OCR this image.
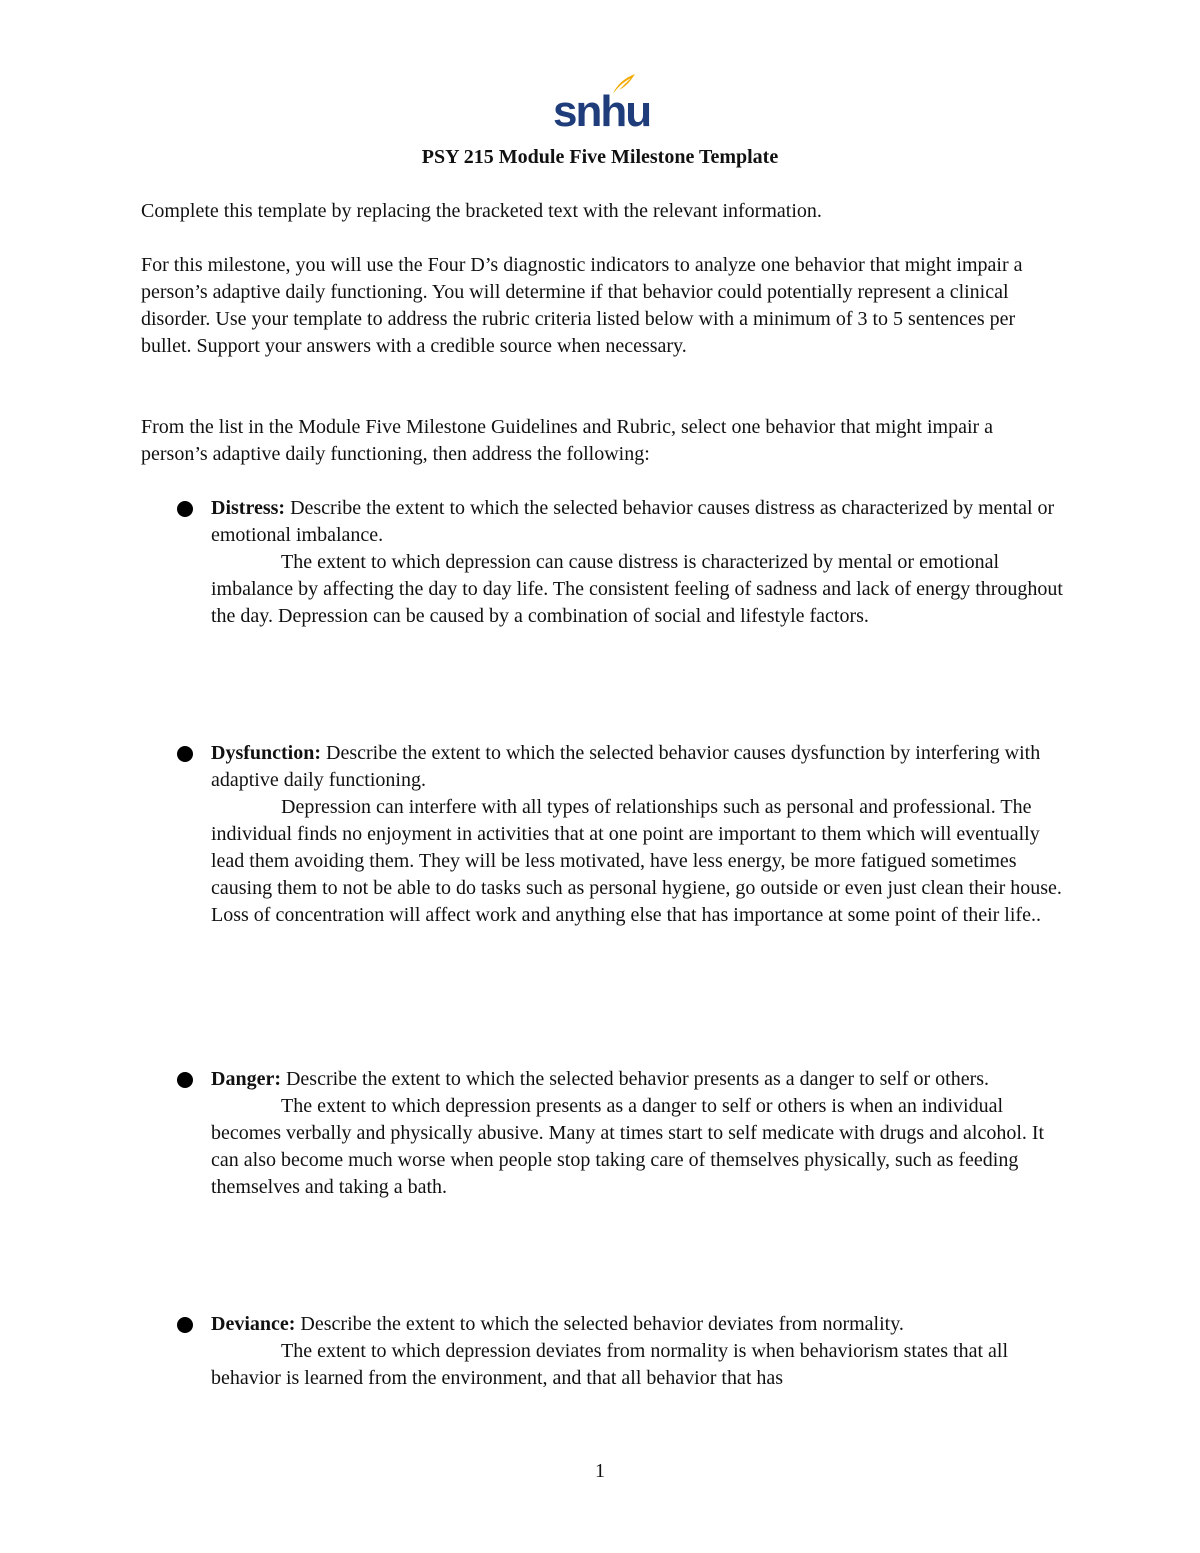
snhu
PSY 215 Module Five Milestone Template

Complete this template by replacing the bracketed text with the relevant information.

For this milestone, you will use the Four D’s diagnostic indicators to analyze one behavior that might impair a person’s adaptive daily functioning. You will determine if that behavior could potentially represent a clinical disorder. Use your template to address the rubric criteria listed below with a minimum of 3 to 5 sentences per bullet. Support your answers with a credible source when necessary.

From the list in the Module Five Milestone Guidelines and Rubric, select one behavior that might impair a person’s adaptive daily functioning, then address the following:

Distress: Describe the extent to which the selected behavior causes distress as characterized by mental or emotional imbalance.

The extent to which depression can cause distress is characterized by mental or emotional imbalance by affecting the day to day life. The consistent feeling of sadness and lack of energy throughout the day. Depression can be caused by a combination of social and lifestyle factors.

Dysfunction: Describe the extent to which the selected behavior causes dysfunction by interfering with adaptive daily functioning.

Depression can interfere with all types of relationships such as personal and professional. The individual finds no enjoyment in activities that at one point are important to them which will eventually lead them avoiding them. They will be less motivated, have less energy, be more fatigued sometimes causing them to not be able to do tasks such as personal hygiene, go outside or even just clean their house. Loss of concentration will affect work and anything else that has importance at some point of their life..

Danger: Describe the extent to which the selected behavior presents as a danger to self or others.

The extent to which depression presents as a danger to self or others is when an individual becomes verbally and physically abusive. Many at times start to self medicate with drugs and alcohol. It can also become much worse when people stop taking care of themselves physically, such as feeding themselves and taking a bath.

Deviance: Describe the extent to which the selected behavior deviates from normality.

The extent to which depression deviates from normality is when behaviorism states that all behavior is learned from the environment, and that all behavior that has

1
